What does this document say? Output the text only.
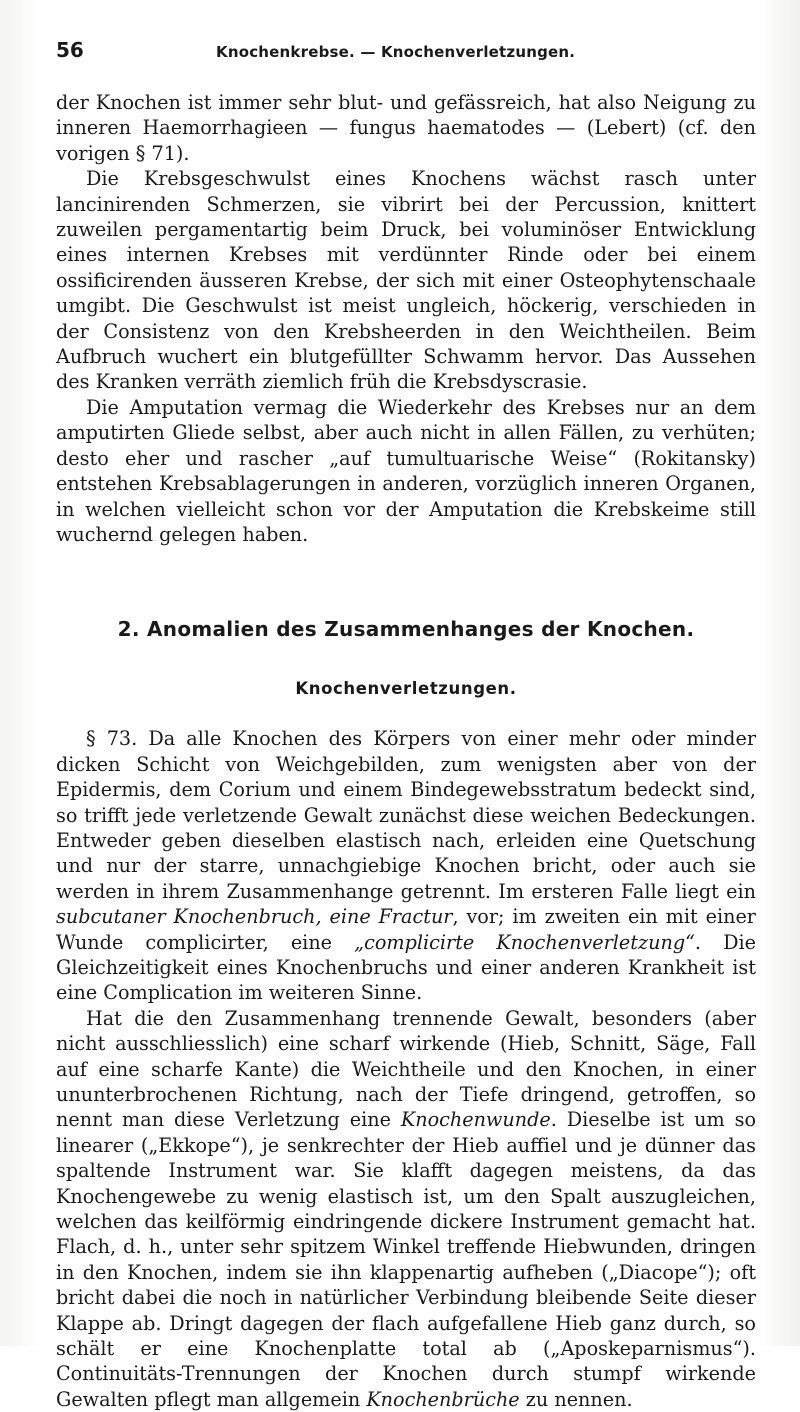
56	Knochenkrebse. — Knochenverletzungen.

der Knochen ist immer sehr blut- und gefässreich, hat also Neigung zu inneren Haemorrhagieen — fungus haematodes — (Lebert) (cf. den vorigen § 71).

Die Krebsgeschwulst eines Knochens wächst rasch unter lancinirenden Schmerzen, sie vibrirt bei der Percussion, knittert zuweilen pergamentartig beim Druck, bei voluminöser Entwicklung eines internen Krebses mit verdünnter Rinde oder bei einem ossificirenden äusseren Krebse, der sich mit einer Osteophytenschaale umgibt. Die Geschwulst ist meist ungleich, höckerig, verschieden in der Consistenz von den Krebsheerden in den Weichtheilen. Beim Aufbruch wuchert ein blutgefüllter Schwamm hervor. Das Aussehen des Kranken verräth ziemlich früh die Krebsdyscrasie.

Die Amputation vermag die Wiederkehr des Krebses nur an dem amputirten Gliede selbst, aber auch nicht in allen Fällen, zu verhüten; desto eher und rascher „auf tumultuarische Weise“ (Rokitansky) entstehen Krebsablagerungen in anderen, vorzüglich inneren Organen, in welchen vielleicht schon vor der Amputation die Krebskeime still wuchernd gelegen haben.

2. Anomalien des Zusammenhanges der Knochen.
Knochenverletzungen.

§ 73. Da alle Knochen des Körpers von einer mehr oder minder dicken Schicht von Weichgebilden, zum wenigsten aber von der Epidermis, dem Corium und einem Bindegewebsstratum bedeckt sind, so trifft jede verletzende Gewalt zunächst diese weichen Bedeckungen. Entweder geben dieselben elastisch nach, erleiden eine Quetschung und nur der starre, unnachgiebige Knochen bricht, oder auch sie werden in ihrem Zusammenhange getrennt. Im ersteren Falle liegt ein subcutaner Knochenbruch, eine Fractur, vor; im zweiten ein mit einer Wunde complicirter, eine „complicirte Knochenverletzung“. Die Gleichzeitigkeit eines Knochenbruchs und einer anderen Krankheit ist eine Complication im weiteren Sinne.

Hat die den Zusammenhang trennende Gewalt, besonders (aber nicht ausschliesslich) eine scharf wirkende (Hieb, Schnitt, Säge, Fall auf eine scharfe Kante) die Weichtheile und den Knochen, in einer ununterbrochenen Richtung, nach der Tiefe dringend, getroffen, so nennt man diese Verletzung eine Knochenwunde. Dieselbe ist um so linearer („Ekkope“), je senkrechter der Hieb auffiel und je dünner das spaltende Instrument war. Sie klafft dagegen meistens, da das Knochengewebe zu wenig elastisch ist, um den Spalt auszugleichen, welchen das keilförmig eindringende dickere Instrument gemacht hat. Flach, d. h., unter sehr spitzem Winkel treffende Hiebwunden, dringen in den Knochen, indem sie ihn klappenartig aufheben („Diacope“); oft bricht dabei die noch in natürlicher Verbindung bleibende Seite dieser Klappe ab. Dringt dagegen der flach aufgefallene Hieb ganz durch, so schält er eine Knochenplatte total ab („Aposkeparnismus“). Continuitäts-Trennungen der Knochen durch stumpf wirkende Gewalten pflegt man allgemein Knochenbrüche zu nennen.
